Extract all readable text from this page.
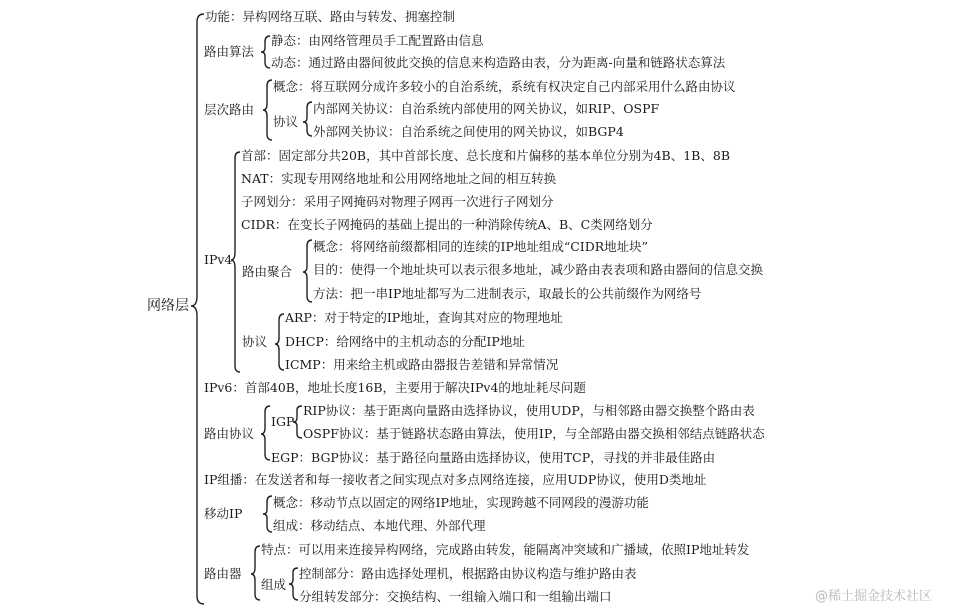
网络层
功能：异构网络互联、路由与转发、拥塞控制
路由算法
静态：由网络管理员手工配置路由信息
动态：通过路由器间彼此交换的信息来构造路由表，分为距离-向量和链路状态算法
层次路由
概念：将互联网分成许多较小的自治系统，系统有权决定自己内部采用什么路由协议
协议
内部网关协议：自治系统内部使用的网关协议，如RIP、OSPF
外部网关协议：自治系统之间使用的网关协议，如BGP4
IPv4
首部：固定部分共20B，其中首部长度、总长度和片偏移的基本单位分别为4B、1B、8B
NAT：实现专用网络地址和公用网络地址之间的相互转换
子网划分：采用子网掩码对物理子网再一次进行子网划分
CIDR：在变长子网掩码的基础上提出的一种消除传统A、B、C类网络划分
路由聚合
概念：将网络前缀都相同的连续的IP地址组成“CIDR地址块”
目的：使得一个地址块可以表示很多地址，减少路由表表项和路由器间的信息交换
方法：把一串IP地址都写为二进制表示，取最长的公共前缀作为网络号
协议
ARP：对于特定的IP地址，查询其对应的物理地址
DHCP：给网络中的主机动态的分配IP地址
ICMP：用来给主机或路由器报告差错和异常情况
IPv6：首部40B，地址长度16B，主要用于解决IPv4的地址耗尽问题
路由协议
IGP
RIP协议：基于距离向量路由选择协议，使用UDP，与相邻路由器交换整个路由表
OSPF协议：基于链路状态路由算法，使用IP，与全部路由器交换相邻结点链路状态
EGP：BGP协议：基于路径向量路由选择协议，使用TCP，寻找的并非最佳路由
IP组播：在发送者和每一接收者之间实现点对多点网络连接，应用UDP协议，使用D类地址
移动IP
概念：移动节点以固定的网络IP地址，实现跨越不同网段的漫游功能
组成：移动结点、本地代理、外部代理
路由器
特点：可以用来连接异构网络，完成路由转发，能隔离冲突域和广播域，依照IP地址转发
组成
控制部分：路由选择处理机，根据路由协议构造与维护路由表
分组转发部分：交换结构、一组输入端口和一组输出端口	@稀土掘金技术社区
